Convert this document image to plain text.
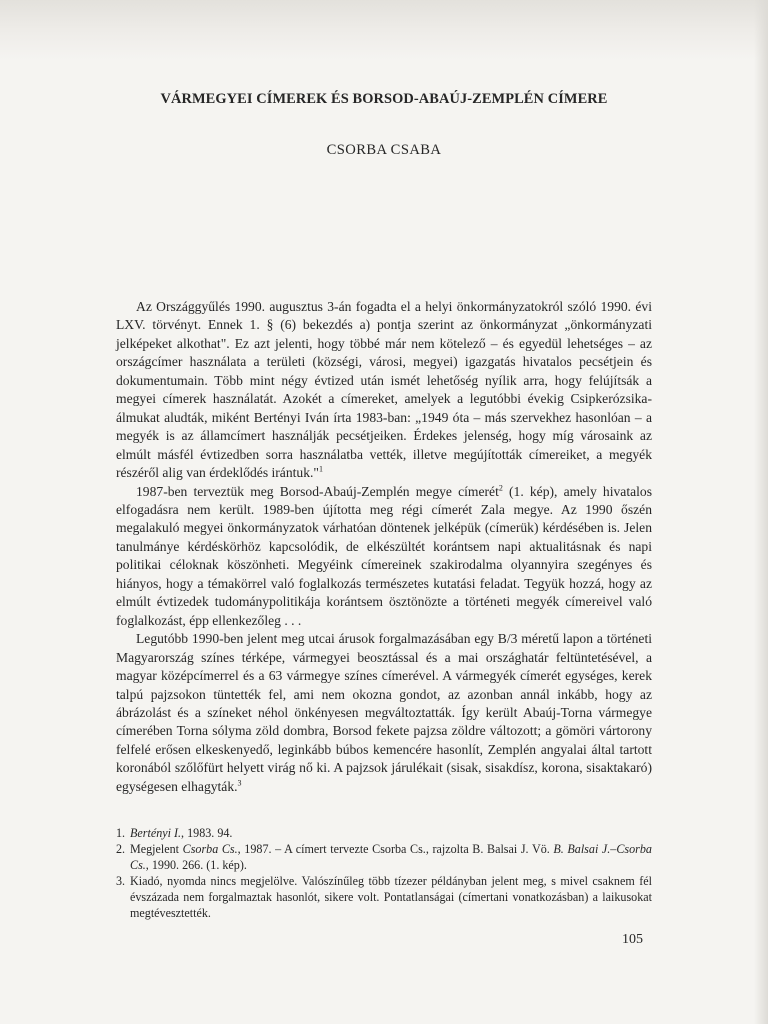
VÁRMEGYEI CÍMEREK ÉS BORSOD-ABAÚJ-ZEMPLÉN CÍMERE
CSORBA CSABA

Az Országgyűlés 1990. augusztus 3-án fogadta el a helyi önkormányzatokról szóló 1990. évi LXV. törvényt. Ennek 1. § (6) bekezdés a) pontja szerint az önkormányzat „önkormányzati jelképeket alkothat". Ez azt jelenti, hogy többé már nem kötelező – és egyedül lehetséges – az országcímer használata a területi (községi, városi, megyei) igazgatás hivatalos pecsétjein és dokumentumain. Több mint négy évtized után ismét lehetőség nyílik arra, hogy felújítsák a megyei címerek használatát. Azokét a címereket, amelyek a legutóbbi évekig Csipkerózsika-álmukat aludták, miként Bertényi Iván írta 1983-ban: „1949 óta – más szervekhez hasonlóan – a megyék is az államcímert használják pecsétjeiken. Érdekes jelenség, hogy míg városaink az elmúlt másfél évtizedben sorra használatba vették, illetve megújították címereiket, a megyék részéről alig van érdeklődés irántuk."$^1$

1987-ben terveztük meg Borsod-Abaúj-Zemplén megye címerét$^2$ (1. kép), amely hivatalos elfogadásra nem került. 1989-ben újította meg régi címerét Zala megye. Az 1990 őszén megalakuló megyei önkormányzatok várhatóan döntenek jelképük (címerük) kérdésében is. Jelen tanulmánye kérdéskörhöz kapcsolódik, de elkészültét korántsem napi aktualitásnak és napi politikai céloknak köszönheti. Megyéink címereinek szakirodalma olyannyira szegényes és hiányos, hogy a témakörrel való foglalkozás természetes kutatási feladat. Tegyük hozzá, hogy az elmúlt évtizedek tudománypolitikája korántsem ösztönözte a történeti megyék címereivel való foglalkozást, épp ellenkezőleg . . .

Legutóbb 1990-ben jelent meg utcai árusok forgalmazásában egy B/3 méretű lapon a történeti Magyarország színes térképe, vármegyei beosztással és a mai országhatár feltüntetésével, a magyar középcímerrel és a 63 vármegye színes címerével. A vármegyék címerét egységes, kerek talpú pajzsokon tüntették fel, ami nem okozna gondot, az azonban annál inkább, hogy az ábrázolást és a színeket néhol önkényesen megváltoztatták. Így került Abaúj-Torna vármegye címerében Torna sólyma zöld dombra, Borsod fekete pajzsa zöldre változott; a gömöri vártorony felfelé erősen elkeskenyedő, leginkább búbos kemencére hasonlít, Zemplén angyalai által tartott koronából szőlőfürt helyett virág nő ki. A pajzsok járulékait (sisak, sisakdísz, korona, sisaktakaró) egységesen elhagyták.$^3$

1. Bertényi I., 1983. 94.
2. Megjelent Csorba Cs., 1987. – A címert tervezte Csorba Cs., rajzolta B. Balsai J. Vö. B. Balsai J.–Csorba Cs., 1990. 266. (1. kép).
3. Kiadó, nyomda nincs megjelölve. Valószínűleg több tízezer példányban jelent meg, s mivel csaknem fél évszázada nem forgalmaztak hasonlót, sikere volt. Pontatlanságai (címertani vonatkozásban) a laikusokat megtévesztették.
105
